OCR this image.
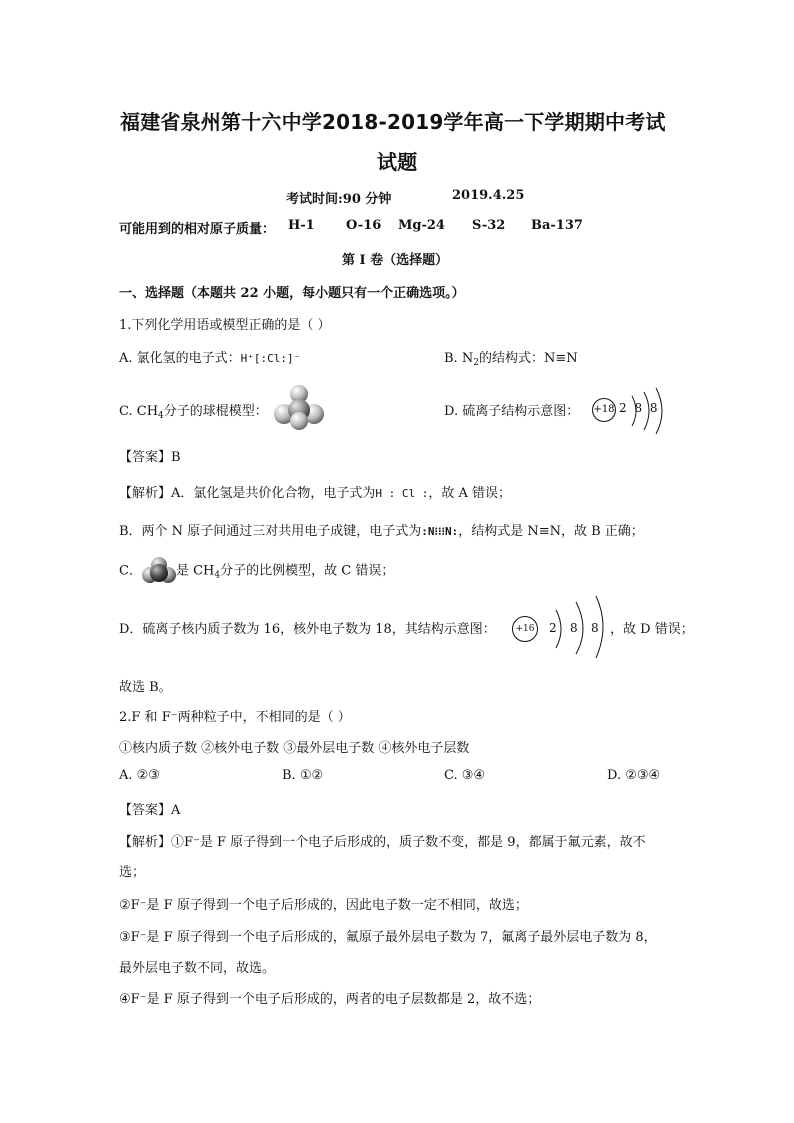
福建省泉州第十六中学2018-2019学年高一下学期期中考试
试题
考试时间:90 分钟	2019.4.25
可能用到的相对原子质量： H-1 O-16 Mg-24 S-32 Ba-137
第 I 卷（选择题）
一、选择题（本题共 22 小题，每小题只有一个正确选项。）
1.下列化学用语或模型正确的是（ ）
A. 氯化氢的电子式：H⁺[:Cl:]⁻	B. $N_2$的结构式：N≡N
C. $CH_4$分子的球棍模型：	D. 硫离子结构示意图： +18 2 8 8
【答案】B
【解析】A．氯化氢是共价化合物，电子式为H : Cl :，故 A 错误；
B．两个 N 原子间通过三对共用电子成键，电子式为:N⁝⁝⁝N:，结构式是 N≡N，故 B 正确；
C．	是 $CH_4$分子的比例模型，故 C 错误；
D．硫离子核内质子数为 16，核外电子数为 18，其结构示意图：	+16 2 8 8 ，故 D 错误；
故选 B。
2.F 和 F⁻两种粒子中，不相同的是（ ）
①核内质子数 ②核外电子数 ③最外层电子数 ④核外电子层数
A. ②③	B. ①②	C. ③④	D. ②③④
【答案】A
【解析】①F⁻是 F 原子得到一个电子后形成的，质子数不变，都是 9，都属于氟元素，故不
选；
②F⁻是 F 原子得到一个电子后形成的，因此电子数一定不相同，故选；
③F⁻是 F 原子得到一个电子后形成的，氟原子最外层电子数为 7，氟离子最外层电子数为 8，
最外层电子数不同，故选。
④F⁻是 F 原子得到一个电子后形成的，两者的电子层数都是 2，故不选；
